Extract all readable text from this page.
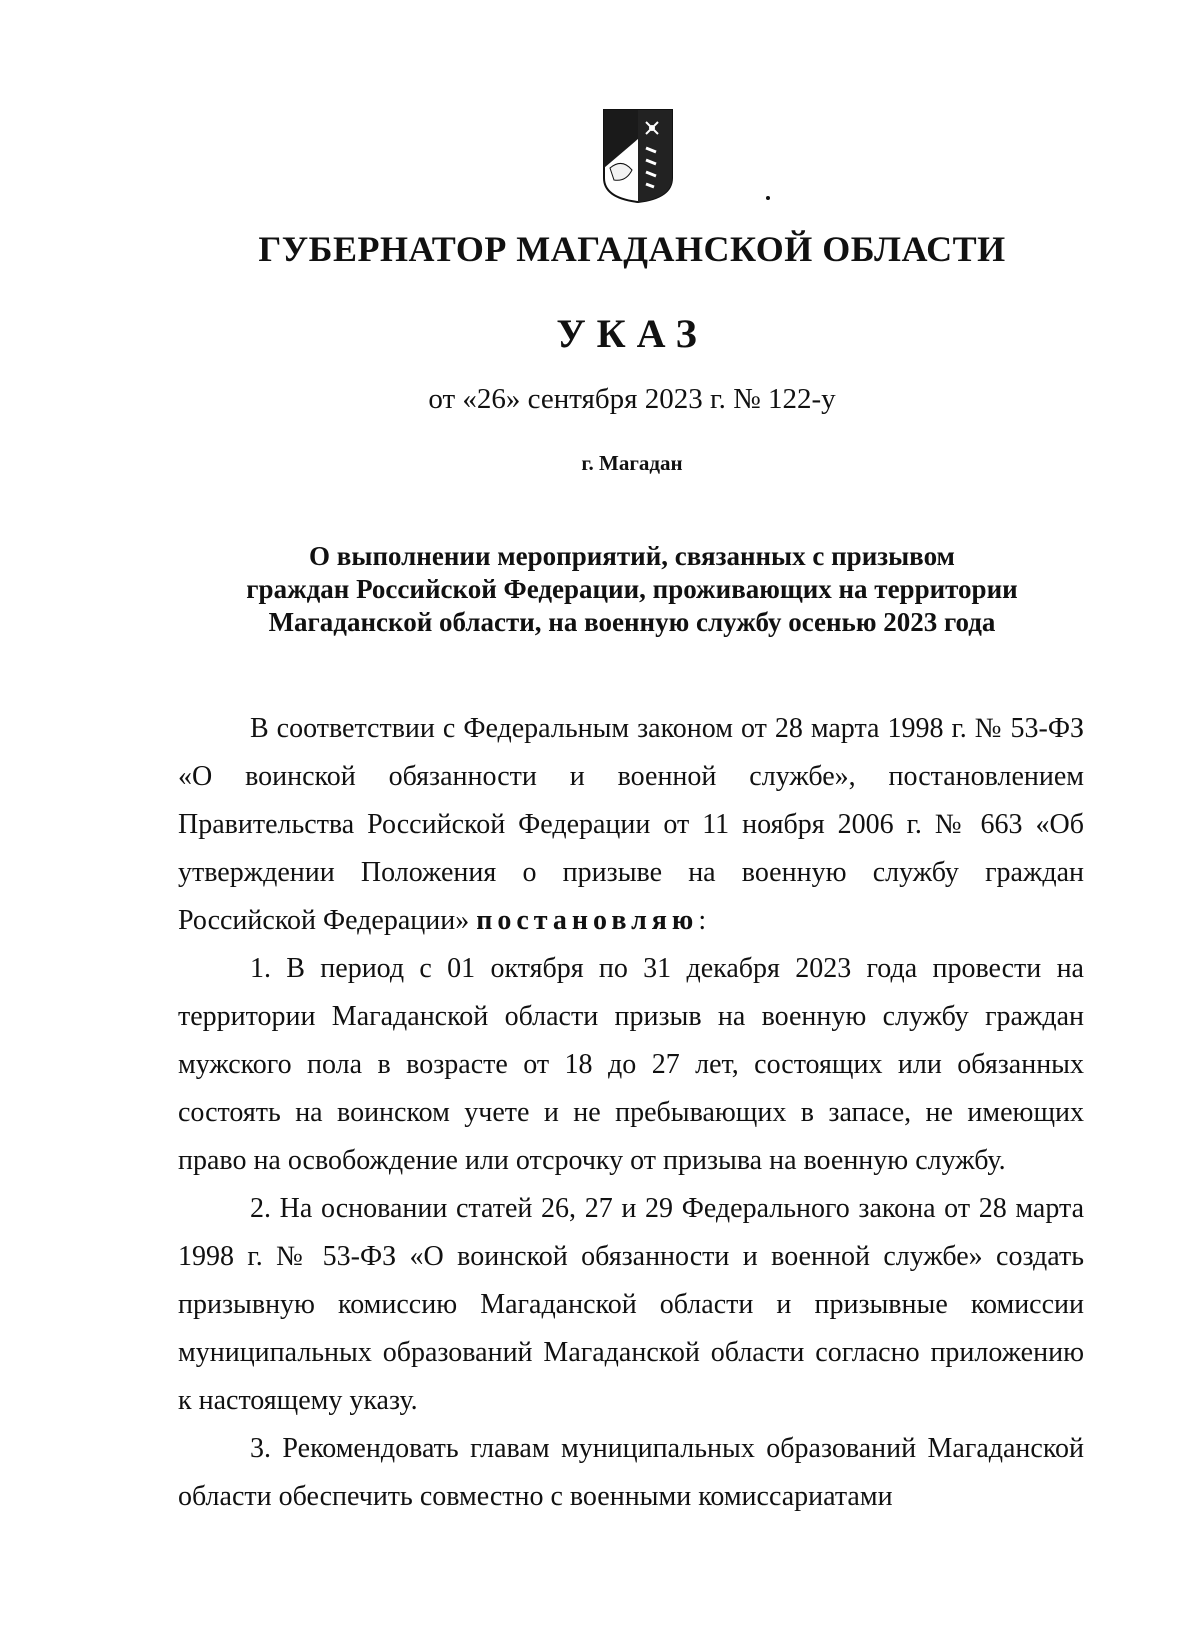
ГУБЕРНАТОР МАГАДАНСКОЙ ОБЛАСТИ
УКАЗ
от «26» сентября 2023 г. № 122-у
г. Магадан
О выполнении мероприятий, связанных с призывом
граждан Российской Федерации, проживающих на территории
Магаданской области, на военную службу осенью 2023 года

В соответствии с Федеральным законом от 28 марта 1998 г. № 53-ФЗ «О воинской обязанности и военной службе», постановлением Правительства Российской Федерации от 11 ноября 2006 г. № 663 «Об утверждении Положения о призыве на военную службу граждан Российской Федерации» постановляю:

1. В период с 01 октября по 31 декабря 2023 года провести на территории Магаданской области призыв на военную службу граждан мужского пола в возрасте от 18 до 27 лет, состоящих или обязанных состоять на воинском учете и не пребывающих в запасе, не имеющих право на освобождение или отсрочку от призыва на военную службу.

2. На основании статей 26, 27 и 29 Федерального закона от 28 марта 1998 г. № 53-ФЗ «О воинской обязанности и военной службе» создать призывную комиссию Магаданской области и призывные комиссии муниципальных образований Магаданской области согласно приложению к настоящему указу.

3. Рекомендовать главам муниципальных образований Магаданской области обеспечить совместно с военными комиссариатами
